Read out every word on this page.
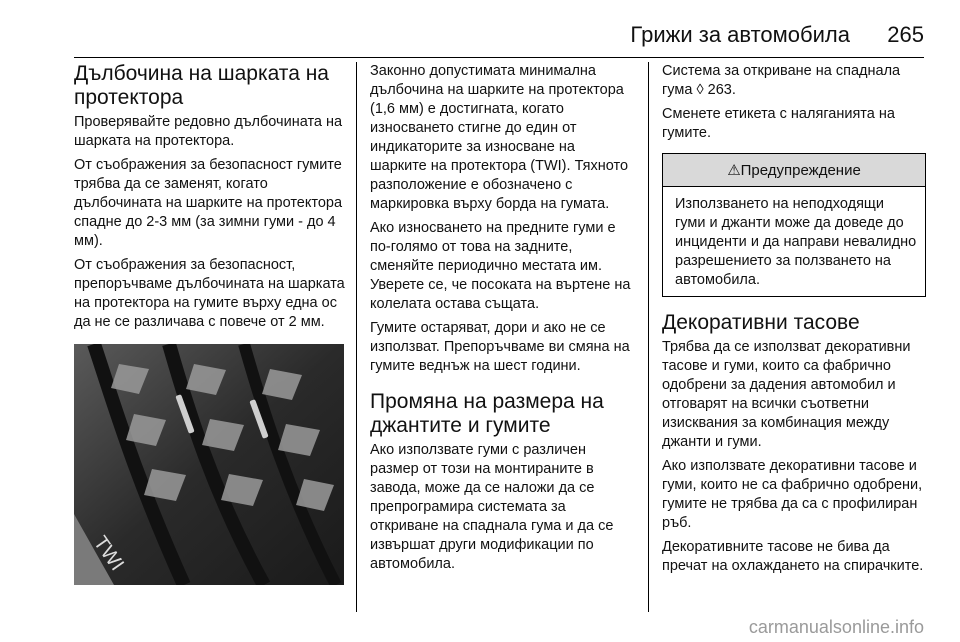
Грижи за автомобила 265
Дълбочина на шарката на протектора

Проверявайте редовно дълбочината на шарката на протектора.

От съображения за безопасност гумите трябва да се заменят, когато дълбочината на шарките на протектора спадне до 2-3 мм (за зимни гуми - до 4 мм).

От съображения за безопасност, препоръчваме дълбочината на шарката на протектора на гумите върху една ос да не се различава с повече от 2 мм.

TWI

Законно допустимата минимална дълбочина на шарките на протектора (1,6 мм) е достигната, когато износването стигне до един от индикаторите за износване на шарките на протектора (TWI). Тяхното разположение е обозначено с маркировка върху борда на гумата.

Ако износването на предните гуми е по-голямо от това на задните, сменяйте периодично местата им. Уверете се, че посоката на въртене на колелата остава същата.

Гумите остаряват, дори и ако не се използват. Препоръчваме ви смяна на гумите веднъж на шест години.

Промяна на размера на джантите и гумите

Ако използвате гуми с различен размер от този на монтираните в завода, може да се наложи да се препрограмира системата за откриване на спаднала гума и да се извършат други модификации по автомобила.

Система за откриване на спаднала гума ◊ 263.

Сменете етикета с наляганията на гумите.

⚠Предупреждение

Използването на неподходящи гуми и джанти може да доведе до инциденти и да направи невалидно разрешението за ползването на автомобила.

Декоративни тасове

Трябва да се използват декоративни тасове и гуми, които са фабрично одобрени за дадения автомобил и отговарят на всички съответни изисквания за комбинация между джанти и гуми.

Ако използвате декоративни тасове и гуми, които не са фабрично одобрени, гумите не трябва да са с профилиран ръб.

Декоративните тасове не бива да пречат на охлаждането на спирачките.

carmanualsonline.info
